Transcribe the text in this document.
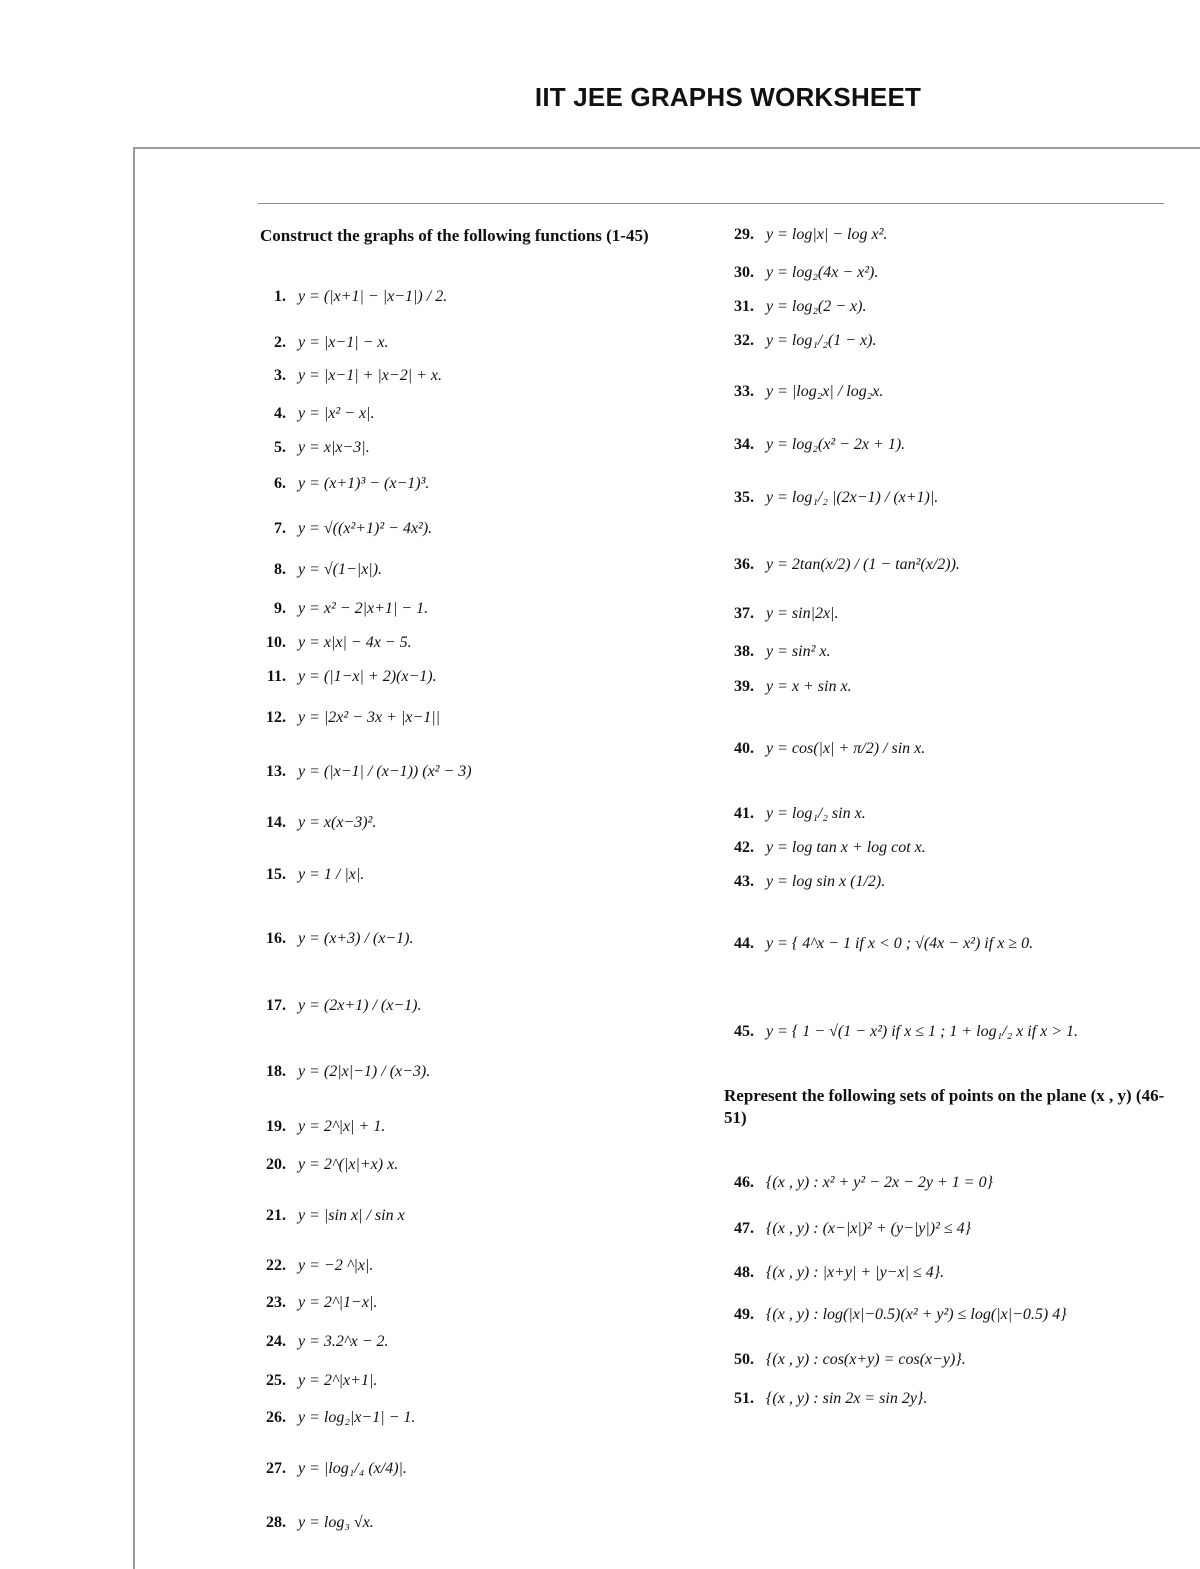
IIT JEE GRAPHS WORKSHEET
Construct the graphs of the following functions (1-45)
1. y = (|x+1| − |x−1|) / 2.
2. y = |x−1| − x.
3. y = |x−1| + |x−2| + x.
4. y = |x² − x|.
5. y = x|x−3|.
6. y = (x+1)³ − (x−1)³.
7. y = √((x²+1)² − 4x²).
8. y = √(1−|x|).
9. y = x² − 2|x+1| − 1.
10. y = x|x| − 4x − 5.
11. y = (|1−x| + 2)(x−1).
12. y = |2x² − 3x + |x−1||
13. y = (|x−1| / (x−1)) (x² − 3)
14. y = x(x−3)².
15. y = 1 / |x|.
16. y = (x+3) / (x−1).
17. y = (2x+1) / (x−1).
18. y = (2|x|−1) / (x−3).
19. y = 2^|x| + 1.
20. y = 2^(|x|+x) x.
21. y = |sin x| / sin x
22. y = −2 ^|x|.
23. y = 2^|1−x|.
24. y = 3.2^x − 2.
25. y = 2^|x+1|.
26. y = log₂|x−1| − 1.
27. y = |log₁/₄ (x/4)|.
28. y = log₃ √x.
29. y = log|x| − log x².
30. y = log₂(4x − x²).
31. y = log₂(2 − x).
32. y = log₁/₂(1 − x).
33. y = |log₂x| / log₂x.
34. y = log₂(x² − 2x + 1).
35. y = log₁/₂ |(2x−1) / (x+1)|.
36. y = 2tan(x/2) / (1 − tan²(x/2)).
37. y = sin|2x|.
38. y = sin² x.
39. y = x + sin x.
40. y = cos(|x| + π/2) / sin x.
41. y = log₁/₂ sin x.
42. y = log tan x + log cot x.
43. y = log sin x (1/2).
44. y = { 4^x − 1 if x < 0 ; √(4x − x²) if x ≥ 0.
45. y = { 1 − √(1 − x²) if x ≤ 1 ; 1 + log₁/₂ x if x > 1.
Represent the following sets of points on the plane (x , y) (46-51)
46. {(x , y) : x² + y² − 2x − 2y + 1 = 0}
47. {(x , y) : (x−|x|)² + (y−|y|)² ≤ 4}
48. {(x , y) : |x+y| + |y−x| ≤ 4}.
49. {(x , y) : log(|x|−0.5)(x² + y²) ≤ log(|x|−0.5) 4}
50. {(x , y) : cos(x+y) = cos(x−y)}.
51. {(x , y) : sin 2x = sin 2y}.
